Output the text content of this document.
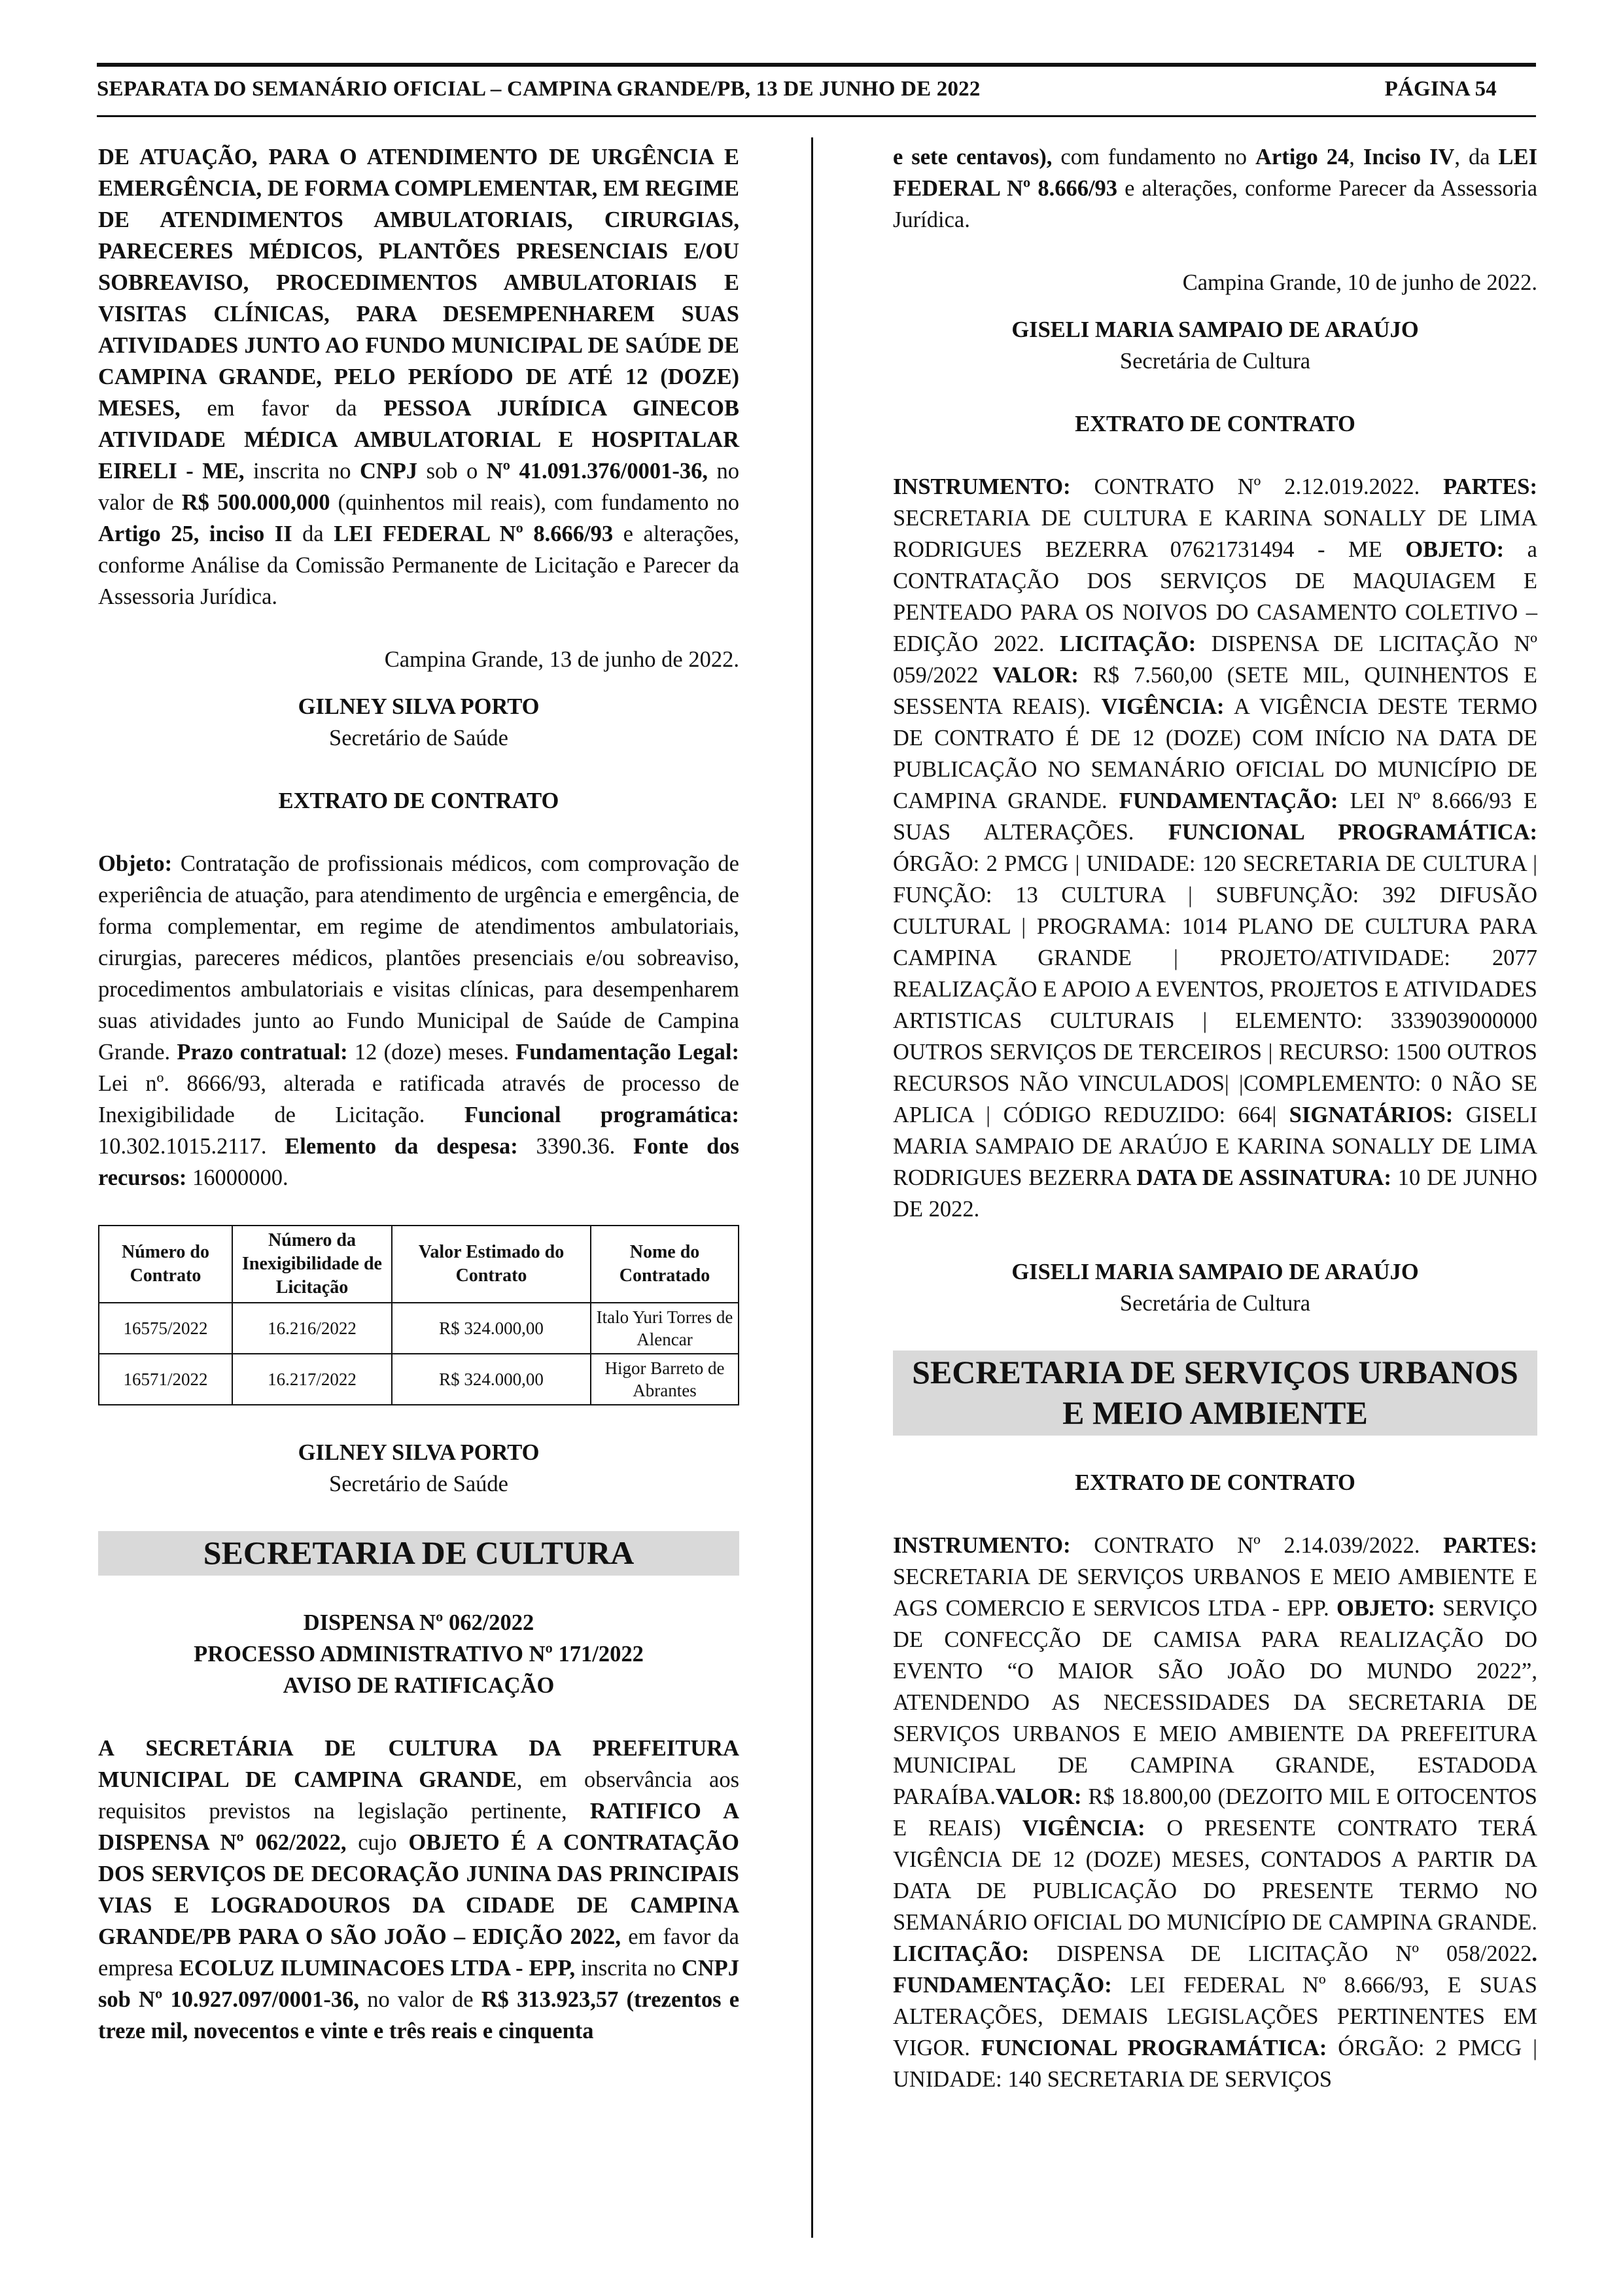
SEPARATA DO SEMANÁRIO OFICIAL – CAMPINA GRANDE/PB, 13 DE JUNHO DE 2022	PÁGINA 54

DE ATUAÇÃO, PARA O ATENDIMENTO DE URGÊNCIA E EMERGÊNCIA, DE FORMA COMPLEMENTAR, EM REGIME DE ATENDIMENTOS AMBULATORIAIS, CIRURGIAS, PARECERES MÉDICOS, PLANTÕES PRESENCIAIS E/OU SOBREAVISO, PROCEDIMENTOS AMBULATORIAIS E VISITAS CLÍNICAS, PARA DESEMPENHAREM SUAS ATIVIDADES JUNTO AO FUNDO MUNICIPAL DE SAÚDE DE CAMPINA GRANDE, PELO PERÍODO DE ATÉ 12 (DOZE) MESES, em favor da PESSOA JURÍDICA GINECOB ATIVIDADE MÉDICA AMBULATORIAL E HOSPITALAR EIRELI - ME, inscrita no CNPJ sob o Nº 41.091.376/0001-36, no valor de R$ 500.000,000 (quinhentos mil reais), com fundamento no Artigo 25, inciso II da LEI FEDERAL Nº 8.666/93 e alterações, conforme Análise da Comissão Permanente de Licitação e Parecer da Assessoria Jurídica.

Campina Grande, 13 de junho de 2022.

GILNEY SILVA PORTO

Secretário de Saúde

EXTRATO DE CONTRATO

Objeto: Contratação de profissionais médicos, com comprovação de experiência de atuação, para atendimento de urgência e emergência, de forma complementar, em regime de atendimentos ambulatoriais, cirurgias, pareceres médicos, plantões presenciais e/ou sobreaviso, procedimentos ambulatoriais e visitas clínicas, para desempenharem suas atividades junto ao Fundo Municipal de Saúde de Campina Grande. Prazo contratual: 12 (doze) meses. Fundamentação Legal: Lei nº. 8666/93, alterada e ratificada através de processo de Inexigibilidade de Licitação. Funcional programática: 10.302.1015.2117. Elemento da despesa: 3390.36. Fonte dos recursos: 16000000.

Número do Contrato	Número da Inexigibilidade de Licitação	Valor Estimado do Contrato	Nome do Contratado
16575/2022	16.216/2022	R$ 324.000,00	Italo Yuri Torres de Alencar
16571/2022	16.217/2022	R$ 324.000,00	Higor Barreto de Abrantes

GILNEY SILVA PORTO

Secretário de Saúde

SECRETARIA DE CULTURA

DISPENSA Nº 062/2022

PROCESSO ADMINISTRATIVO Nº 171/2022

AVISO DE RATIFICAÇÃO

A SECRETÁRIA DE CULTURA DA PREFEITURA MUNICIPAL DE CAMPINA GRANDE, em observância aos requisitos previstos na legislação pertinente, RATIFICO A DISPENSA Nº 062/2022, cujo OBJETO É A CONTRATAÇÃO DOS SERVIÇOS DE DECORAÇÃO JUNINA DAS PRINCIPAIS VIAS E LOGRADOUROS DA CIDADE DE CAMPINA GRANDE/PB PARA O SÃO JOÃO – EDIÇÃO 2022, em favor da empresa ECOLUZ ILUMINACOES LTDA - EPP, inscrita no CNPJ sob Nº 10.927.097/0001-36, no valor de R$ 313.923,57 (trezentos e treze mil, novecentos e vinte e três reais e cinquenta

e sete centavos), com fundamento no Artigo 24, Inciso IV, da LEI FEDERAL Nº 8.666/93 e alterações, conforme Parecer da Assessoria Jurídica.

Campina Grande, 10 de junho de 2022.

GISELI MARIA SAMPAIO DE ARAÚJO

Secretária de Cultura

EXTRATO DE CONTRATO

INSTRUMENTO: CONTRATO Nº 2.12.019.2022. PARTES: SECRETARIA DE CULTURA E KARINA SONALLY DE LIMA RODRIGUES BEZERRA 07621731494 - ME OBJETO: a CONTRATAÇÃO DOS SERVIÇOS DE MAQUIAGEM E PENTEADO PARA OS NOIVOS DO CASAMENTO COLETIVO – EDIÇÃO 2022. LICITAÇÃO: DISPENSA DE LICITAÇÃO Nº 059/2022 VALOR: R$ 7.560,00 (SETE MIL, QUINHENTOS E SESSENTA REAIS). VIGÊNCIA: A VIGÊNCIA DESTE TERMO DE CONTRATO É DE 12 (DOZE) COM INÍCIO NA DATA DE PUBLICAÇÃO NO SEMANÁRIO OFICIAL DO MUNICÍPIO DE CAMPINA GRANDE. FUNDAMENTAÇÃO: LEI Nº 8.666/93 E SUAS ALTERAÇÕES. FUNCIONAL PROGRAMÁTICA: ÓRGÃO: 2 PMCG | UNIDADE: 120 SECRETARIA DE CULTURA | FUNÇÃO: 13 CULTURA | SUBFUNÇÃO: 392 DIFUSÃO CULTURAL | PROGRAMA: 1014 PLANO DE CULTURA PARA CAMPINA GRANDE | PROJETO/ATIVIDADE: 2077 REALIZAÇÃO E APOIO A EVENTOS, PROJETOS E ATIVIDADES ARTISTICAS CULTURAIS | ELEMENTO: 3339039000000 OUTROS SERVIÇOS DE TERCEIROS | RECURSO: 1500 OUTROS RECURSOS NÃO VINCULADOS| |COMPLEMENTO: 0 NÃO SE APLICA | CÓDIGO REDUZIDO: 664| SIGNATÁRIOS: GISELI MARIA SAMPAIO DE ARAÚJO E KARINA SONALLY DE LIMA RODRIGUES BEZERRA DATA DE ASSINATURA: 10 DE JUNHO DE 2022.

GISELI MARIA SAMPAIO DE ARAÚJO

Secretária de Cultura

SECRETARIA DE SERVIÇOS URBANOS
E MEIO AMBIENTE

EXTRATO DE CONTRATO

INSTRUMENTO: CONTRATO Nº 2.14.039/2022. PARTES: SECRETARIA DE SERVIÇOS URBANOS E MEIO AMBIENTE E AGS COMERCIO E SERVICOS LTDA - EPP. OBJETO: SERVIÇO DE CONFECÇÃO DE CAMISA PARA REALIZAÇÃO DO EVENTO “O MAIOR SÃO JOÃO DO MUNDO 2022”, ATENDENDO AS NECESSIDADES DA SECRETARIA DE SERVIÇOS URBANOS E MEIO AMBIENTE DA PREFEITURA MUNICIPAL DE CAMPINA GRANDE, ESTADODA PARAÍBA.VALOR: R$ 18.800,00 (DEZOITO MIL E OITOCENTOS E REAIS) VIGÊNCIA: O PRESENTE CONTRATO TERÁ VIGÊNCIA DE 12 (DOZE) MESES, CONTADOS A PARTIR DA DATA DE PUBLICAÇÃO DO PRESENTE TERMO NO SEMANÁRIO OFICIAL DO MUNICÍPIO DE CAMPINA GRANDE. LICITAÇÃO: DISPENSA DE LICITAÇÃO Nº 058/2022. FUNDAMENTAÇÃO: LEI FEDERAL Nº 8.666/93, E SUAS ALTERAÇÕES, DEMAIS LEGISLAÇÕES PERTINENTES EM VIGOR. FUNCIONAL PROGRAMÁTICA: ÓRGÃO: 2 PMCG | UNIDADE: 140 SECRETARIA DE SERVIÇOS
